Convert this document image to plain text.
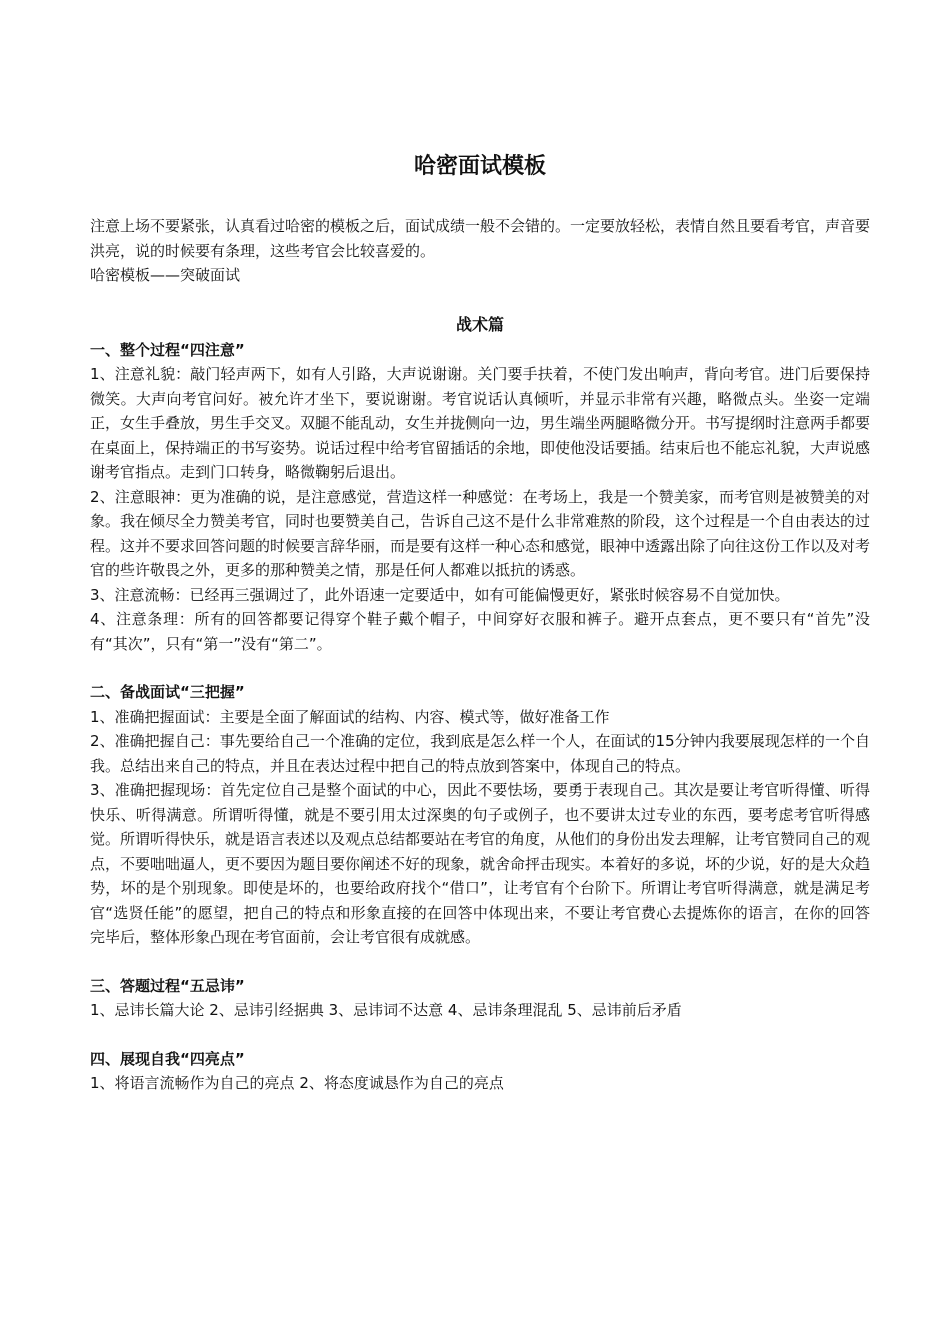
哈密面试模板

注意上场不要紧张，认真看过哈密的模板之后，面试成绩一般不会错的。一定要放轻松，表情自然且要看考官，声音要洪亮，说的时候要有条理，这些考官会比较喜爱的。

哈密模板——突破面试

战术篇

一、整个过程“四注意”

1、注意礼貌：敲门轻声两下，如有人引路，大声说谢谢。关门要手扶着，不使门发出响声，背向考官。进门后要保持微笑。大声向考官问好。被允许才坐下，要说谢谢。考官说话认真倾听，并显示非常有兴趣，略微点头。坐姿一定端正，女生手叠放，男生手交叉。双腿不能乱动，女生并拢侧向一边，男生端坐两腿略微分开。书写提纲时注意两手都要在桌面上，保持端正的书写姿势。说话过程中给考官留插话的余地，即使他没话要插。结束后也不能忘礼貌，大声说感谢考官指点。走到门口转身，略微鞠躬后退出。

2、注意眼神：更为准确的说，是注意感觉，营造这样一种感觉：在考场上，我是一个赞美家，而考官则是被赞美的对象。我在倾尽全力赞美考官，同时也要赞美自己，告诉自己这不是什么非常难熬的阶段，这个过程是一个自由表达的过程。这并不要求回答问题的时候要言辞华丽，而是要有这样一种心态和感觉，眼神中透露出除了向往这份工作以及对考官的些许敬畏之外，更多的那种赞美之情，那是任何人都难以抵抗的诱惑。

3、注意流畅：已经再三强调过了，此外语速一定要适中，如有可能偏慢更好，紧张时候容易不自觉加快。

4、注意条理：所有的回答都要记得穿个鞋子戴个帽子，中间穿好衣服和裤子。避开点套点，更不要只有“首先”没有“其次”，只有“第一”没有“第二”。

二、备战面试“三把握”

1、准确把握面试：主要是全面了解面试的结构、内容、模式等，做好准备工作

2、准确把握自己：事先要给自己一个准确的定位，我到底是怎么样一个人，在面试的15分钟内我要展现怎样的一个自我。总结出来自己的特点，并且在表达过程中把自己的特点放到答案中，体现自己的特点。

3、准确把握现场：首先定位自己是整个面试的中心，因此不要怯场，要勇于表现自己。其次是要让考官听得懂、听得快乐、听得满意。所谓听得懂，就是不要引用太过深奥的句子或例子，也不要讲太过专业的东西，要考虑考官听得感觉。所谓听得快乐，就是语言表述以及观点总结都要站在考官的角度，从他们的身份出发去理解，让考官赞同自己的观点，不要咄咄逼人，更不要因为题目要你阐述不好的现象，就舍命抨击现实。本着好的多说，坏的少说，好的是大众趋势，坏的是个别现象。即使是坏的，也要给政府找个“借口”，让考官有个台阶下。所谓让考官听得满意，就是满足考官“选贤任能”的愿望，把自己的特点和形象直接的在回答中体现出来，不要让考官费心去提炼你的语言，在你的回答完毕后，整体形象凸现在考官面前，会让考官很有成就感。

三、答题过程“五忌讳”

1、忌讳长篇大论 2、忌讳引经据典 3、忌讳词不达意 4、忌讳条理混乱 5、忌讳前后矛盾

四、展现自我“四亮点”

1、将语言流畅作为自己的亮点 2、将态度诚恳作为自己的亮点
